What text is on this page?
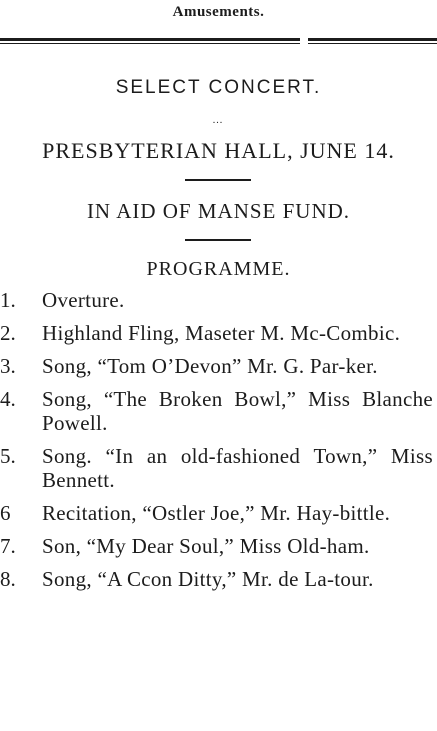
Amusements.
SELECT CONCERT.
...
PRESBYTERIAN HALL, JUNE 14.
IN AID OF MANSE FUND.
PROGRAMME.
1.	Overture.
2.	Highland Fling, Maseter M. Mc-Combic.
3.	Song, “Tom O’Devon” Mr. G. Par-ker.
4.	Song, “The Broken Bowl,” Miss Blanche Powell.
5.	Song. “In an old-fashioned Town,” Miss Bennett.
6	Recitation, “Ostler Joe,” Mr. Hay-bittle.
7.	Son, “My Dear Soul,” Miss Old-ham.
8.	Song, “A Ccon Ditty,” Mr. de La-tour.
